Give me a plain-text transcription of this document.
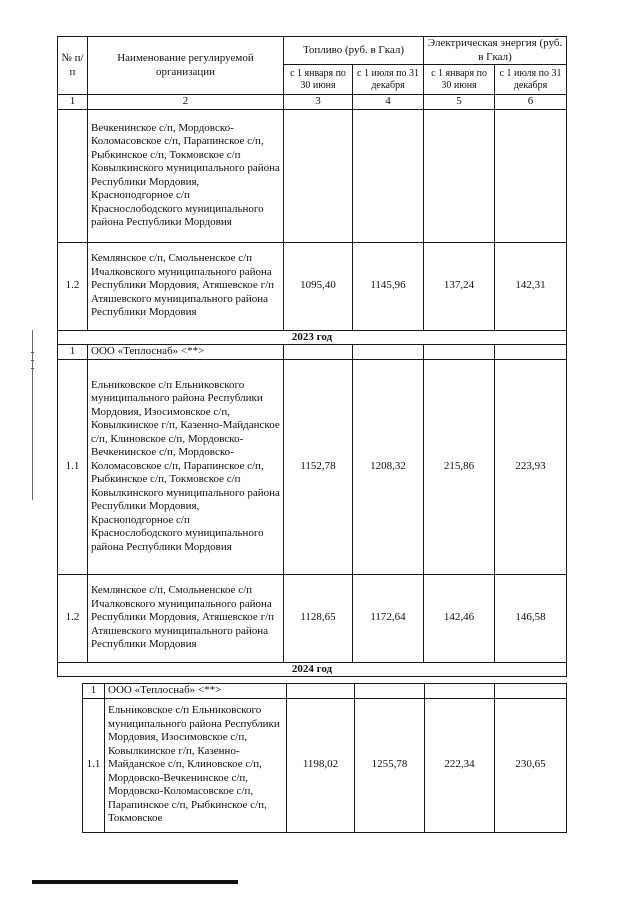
№ п/п	Наименование регулируемой организации	Топливо (руб. в Гкал)		Электрическая энергия (руб. в Гкал)	
		с 1 января по 30 июня	с 1 июля по 31 декабря	с 1 января по 30 июня	с 1 июля по 31 декабря
1	2	3	4	5	6
	Вечкенинское с/п, Мордовско-Коломасовское с/п, Парапинское с/п, Рыбкинское с/п, Токмовское с/п Ковылкинского муниципального района Республики Мордовия, Красноподгорное с/п Краснослободского муниципального района Республики Мордовия				
1.2	Кемлянское с/п, Смольненское с/п Ичалковского муниципального района Республики Мордовия, Атяшевское г/п Атяшевского муниципального района Республики Мордовия	1095,40	1145,96	137,24	142,31
2023 год					
1	ООО «Теплоснаб» <**>				
1.1	Ельниковское с/п Ельниковского муниципального района Республики Мордовия, Изосимовское с/п, Ковылкинское г/п, Казенно-Майданское с/п, Клиновское с/п, Мордовско-Вечкенинское с/п, Мордовско-Коломасовское с/п, Парапинское с/п, Рыбкинское с/п, Токмовское с/п Ковылкинского муниципального района Республики Мордовия, Красноподгорное с/п Краснослободского муниципального района Республики Мордовия	1152,78	1208,32	215,86	223,93
1.2	Кемлянское с/п, Смольненское с/п Ичалковского муниципального района Республики Мордовия, Атяшевское г/п Атяшевского муниципального района Республики Мордовия	1128,65	1172,64	142,46	146,58
2024 год					
1	ООО «Теплоснаб» <**>				
1.1	Ельниковское с/п Ельниковского муниципального района Республики Мордовия, Изосимовское с/п, Ковылкинское г/п, Казенно-Майданское с/п, Клиновское с/п, Мордовско-Вечкенинское с/п, Мордовско-Коломасовское с/п, Парапинское с/п, Рыбкинское с/п, Токмовское	1198,02	1255,78	222,34	230,65
